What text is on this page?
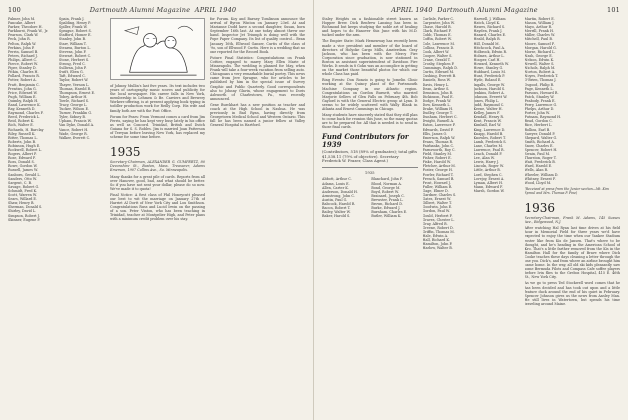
100	Dartmouth Alumni Magazine APRIL 1940
Palmer, John M.
Pancake, Albert
Parker, Theodore H.
Parkhurst, Frank W., Jr.
Pearson, Clark W.
Peck, John R.
Pelton, Ralph W.
Perkins, John P.
Perrin, Samuel B.
Peters, Richard J.
Philips, Albert C.
Pierce, Robert W.
Piper, Stanley D.
Pitkin, Charles H.
Pollard, Francis R.
Potter, Robert A.
Pratt, Benjamin C.
Prentiss, John G.
Price, Edward W.
Pugh, William E.
Quimby, Ralph H.
Rand, Lawrence K.
Ray, Kenneth D.
Raymond, Charles F.
Reed, Frederick L.
Reid, Robert K.
Rich, Walter E.
Richards, H. Barclay
Riley, Russell K.
Ritter, Thomas L.
Roberts, John B.
Robinson, Hugh E.
Rockwell, Robert L.
Rogers, Albert P.
Rose, Edward F.
Ross, Donald S.
Rowe, Gordon W.
Russell, James W.
Sanborn, Gerald L.
Sanders, Otto W.
Sargent, C. B.
Savage, Robert G.
Schmidt, Fred K.
Scott, Warren W.
Sears, Willard E.
Shaw, Henry B.
Sherman, Donald S.
Shirley, David L.
Simpson, Robert J.
Skinner, Eugene F.
Spain, Frank J.
Spalding, Henry P.
Spiller, Frank W.
Sprague, Robert S.
Stafford, Homer E.
Stanley, John B.
Starr, William T.
Stearns, Burton L.
Stevens, John F.
Stewart, Robert C.
Stone, Herbert S.
Strong, Fred C.
Sullivan, John P.
Swift, Eben G.
Taft, Edward C.
Taylor, Robert W.
Thayer, Vernon L.
Thomas, Harold R.
Thompson, Ernest E.
Tobey, Arthur H.
Towle, Richard S.
Tracy, George L.
Tucker, Wilson E.
Turner, Franklin G.
Tyler, Sidney B.
Upham, Francis W.
Van Dyke, Donald A.
Vance, Robert H.
Wade, George R.
Walker, Everett C.
of Johnny Mullin's last five years. Its text includes two years of cartography music scores and publicity for the local newspaper. His career falls in New York, membership in Lehmen & Be. Carriers and Brewery Workers-offering, is at present applying book typing in toddler production work for Reilly Corp. His wife and family both are with the Post Office.
Forum for Fears: From Vermont comes a card from Jim Ferris, saying he has kept very busy lately in his office as well as Concord. Trinidad, British and Dutch Guiana for S. S. Robles. Jim is married Joan Patterson of Terryan before leaving New York, has replaced my scheme for some time before.
1935
Secretary-Chairman, ALEXANDER G. GUMPERTZ, 80 Devonshire St., Boston, Mass. Treasurer, Adams Emerson, 1907 Collins Ave., So. Minneapolis.
Many thanks for a great pile of cards. Reports from all over Hanover, good, bad, and what should be better. So if you have not sent your dollar, please do so now. We've made it to quota!
Final Notice: A first class of Phil Honeycutt pleased our best to wit the marriage on January 27th of Harriet Al Dortt of New York City and Lou Smithson. Congratulations Russ and Lucid Irwin on the passing of a son. Peter Vinton, who has been teaching in Trinidad, teacher at Montpelier High, and Peter plans with a minimum credit problem over his stay.
for Forum. Koy and Barney Tomlinson announce the arrival of Byron Winton on January 23rd. At and Marianne Dodd have a second daughter, Susan, born September 16th last. At one today almost threw our hand. Inspector Jet Triumph is doing well with the Pope Paper Company. Its list of quality control... Bean January 16th, Ellwood Ganser, Curtis of the class of '9o, son of Ellwood F. Curtis. Here is a wedding that no one reported for the Record Book.
Future Final Statistics: Congratulations on Frank Cottier, engaged to marry Mary Ellen Marie of Minneapolis. The wedding is planned for May, when Frank will take a four-week vacation from selling auto. Chicagoans a very remarkable burial poetry. This news came from Jere Sprague, who for articles to be published by him in the special issue of Survey Graphic and Public Quarterly. Good correspondents also to Johnny Glavin, whose engagement to Doris Ashworth of Charlestown, Pa., was recently announced.
Gene Burckhart has a new position as teacher and coach at the High School in Nashua. He was previously in Bad Ryan, having directly from Georgetown Medical School and Western Ontario. This fall he has been named a junior fellow at Valley General Hospital in Hartford.
APRIL 1940 Dartmouth Alumni Magazine	101
Staley Heights on a fashionable street known as Hopper Brew. Dick Renfrew Lansing has been in Richmond but keeps studying the noble art of healing and hopes to do Hanover this June with his M.D. tucked under the arm.
The Empire State: Mark Hemenway has recently been made a vice president and member of the board of directors of Holyoke Cargo Mills, Amsterdam. Gray Jackson, who has been with the Mercy Fire Corporation since graduation, is now stationed in Boston as assistant superintendent of Davidson Fire Works. It sends in 8 Gohn was an accomplice in getting on the market those beautiful photos for which our whole Class has paid.
Ring Events: Don Ronzio is going to Jomelin Clinic working at the Quincy plant of the Portsmouth Machine Company in our Atlantic region. Congratulations on Gordon Burnett, who married Marjorie Sellers of Glen Falls on February 4th. Bob Gaylord is with the General Electric group at Lynn. It seems to be widely scattered with Wally Blank in Atlanta and Ernest Cummings in Chicago.
Many students have sincerely stated that they still plan to come back for reunion this June, so the many quotas are to be prepared for. All that is needed is to send in those final cards.
Fund Contributors for 1939
(Contributors, 518 (89% of graduates); total gifts $1,538.11 (79% of objective). Secretary Frederick W. Frazer, Class Agent.)
1935
Abbott, Arthur C.
Adams, Louis E.
Allen, Carter K.
Anderson, Donald H.
Armstrong, John C.
Austin, Paul G.
Babcock, Harold R.
Bacon, Robert T.
Bailey, Walter W.
Baker, Harold S.
Blanchard, John F.
Blood, Norman A.
Bond, George M.
Boyd, Robert W.
Brainard, Joseph C.
Brewster, Frank L.
Brown, Richard D.
Burke, Edward J.
Burnham, Charles E.
Butler, William K.
Carlisle, Parker C.
Carpenter, John W.
Chase, Harold B.
Clark, Richard F.
Cobb, Thomas E.
Coffin, Robert W.
Cole, Lawrence M.
Collins, Francis D.
Cook, Albert W.
Cooper, Walter S.
Crane, Gerald T.
Crosby, Stephen P.
Cummings, Ralph D.
Curtis, Edward M.
Cushing, Everett B.
Daniels, Ross W.
Davis, Henry L.
Dean, Arthur S.
Dennison, John R.
Dickinson, Paul E.
Dodge, Frank W.
Dow, Kenneth L.
Drake, William H.
Dudley, George T.
Dunham, Herbert C.
Dwight, Russell A.
Eaton, Lawrence F.
Edwards, David P.
Ellis, James O.
Emerson, Ralph W.
Evans, Thomas R.
Fairbanks, John C.
Farnsworth, Roy C.
Field, Stanley M.
Fisher, Robert E.
Fiske, Harold W.
Fletcher, Arthur M.
Foster, George H.
Fowler, Richard T.
French, Samuel B.
Frost, Howard J.
Fuller, William R.
Gage, Elmer D.
Gardner, Charles S.
Gates, Ernest W.
Gilbert, Walter T.
Goodwin, John E.
Gordon, Paul W.
Gould, Herbert F.
Graves, Chester L.
Gray, Alfred B.
Greene, Robert D.
Griffin, Thomas M.
Hale, Edwin A.
Hall, Richard K.
Hamilton, John P.
Harlow, Walter B.
Harwell, J. William
Hatch, Lloyd K.
Hawes, Richard S.
Hayden, Frank J.
Hazard, Charles E.
Heald, Ralph B.
Hill, Donald M.
Hitchcock, Paul A.
Holbrook, Edwin R.
Holmes, Arthur L.
Hooper, Carl H.
Howard, Kenneth W.
Howe, Stanley G.
Hubbard, Louis M.
Hunt, Frederick P.
Hyde, Roland E.
Ingalls, George W.
Jackson, Harold S.
Jenkins, Robert A.
Johnson, Everett W.
Jones, Philip L.
Judd, Raymond C.
Keene, Walter H.
Kelley, James F.
Kendall, Henry R.
Kent, Francis W.
Kimball, Earl W.
King, Lawrence D.
Knapp, Harold B.
Knowles, Robert T.
Lamb, Frederick S.
Lane, Charles M.
Lawrence, Paul R.
Leach, Donald F.
Lee, Alan W.
Lewis, Harry J.
Lincoln, Roger W.
Little, Arthur B.
Lord, Stephen C.
Lovejoy, Ernest A.
Lyman, Albert H.
Mann, Edward F.
Marsh, Gordon W.
Martin, Robert E.
Mason, William J.
Mayo, Arthur R.
Merrill, Frank H.
Miller, Charles W.
Mitchell, Paul B.
Moore, Samuel F.
Morgan, Harold G.
Morse, Richard L.
Nash, George E.
Nelson, Edwin K.
Newell, Walter S.
Nichols, Ralph M.
Norton, Robert A.
Noyes, Frederick T.
O'Brien, Thomas J.
Osgood, Philip R.
Page, Kenneth L.
Parsons, Howard R.
Patch, Stanley W.
Peabody, Frank E.
Perry, Lawrence G.
Phelps, Arthur D.
Porter, John W.
Putnam, Raymond H.
Read, Gordon C.
Rice, Herbert L.
Rollins, Earl B.
Sawyer, Donald P.
Shepard, Walter G.
Smith, Richard A.
Snow, Charles E.
Spencer, Robert H.
Swain, Paul M.
Thurston, Roger T.
Wait, Frederick B.
Ward, Harold E.
Wells, Alan R.
Wheeler, William D.
Whitney, Ernest F.
Wood, Lloyd M.
(Received at press from the Junior section—Mt. Kim Sproul and Mrs. Thomas P. Pine)
1936
Secretary-Chairman, Frank M. Adams, 145 Sussex Ave., Ridgewood, N.J.
After watching Hal Ryan last time drives at his field hour in Memorial Field for three years we'd have expected to enjoy the time when our Yankee Stadium roster like from Kis de Jansen. That's where to be thought, and he's heading in the American School of Kro. That's a little farther removed from the Kis in the Hamilton Hall for the family of Brave where Dick Cooke teaches these days cleaning a letter through the one you. Dick's, and from where an airline brought him came home. In the way, all old ski kids pleasantly saw some Bermuda Pilots and Compass Cafe soffee players before Ivin flies to the Grebos Hospital, 415 E. 46th St., New York City.
As we go to press Ted Stockwell word comes that he has been decided and has took out upon and a little feature duck around the end of his quiet in February. Spencer Johnson gives us the news from Ansley Man. He still lives in Watertown, but spends his time traveling around Maine.
